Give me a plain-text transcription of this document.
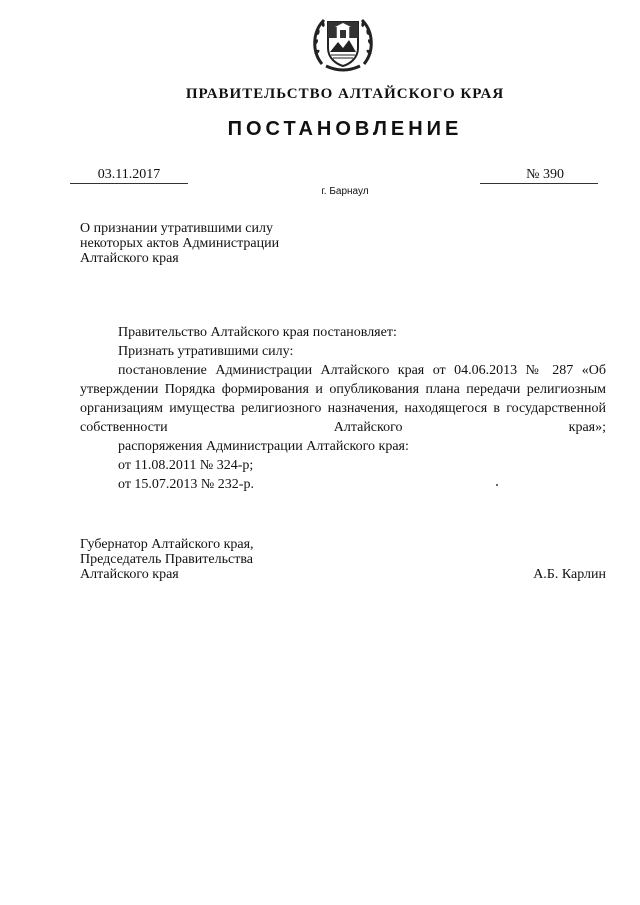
ПРАВИТЕЛЬСТВО АЛТАЙСКОГО КРАЯ
ПОСТАНОВЛЕНИЕ
03.11.2017	№ 390
г. Барнаул
О признании утратившими силу
некоторых актов Администрации
Алтайского края
Правительство Алтайского края постановляет:
Признать утратившими силу:
постановление Администрации Алтайского края от 04.06.2013 № 287 «Об утверждении Порядка формирования и опубликования плана передачи религиозным организациям имущества религиозного назначения, находящегося в государственной собственности Алтайского края»;
распоряжения Администрации Алтайского края:
от 11.08.2011 № 324-р;
от 15.07.2013 № 232-р.
Губернатор Алтайского края,
Председатель Правительства
Алтайского края	А.Б. Карлин
